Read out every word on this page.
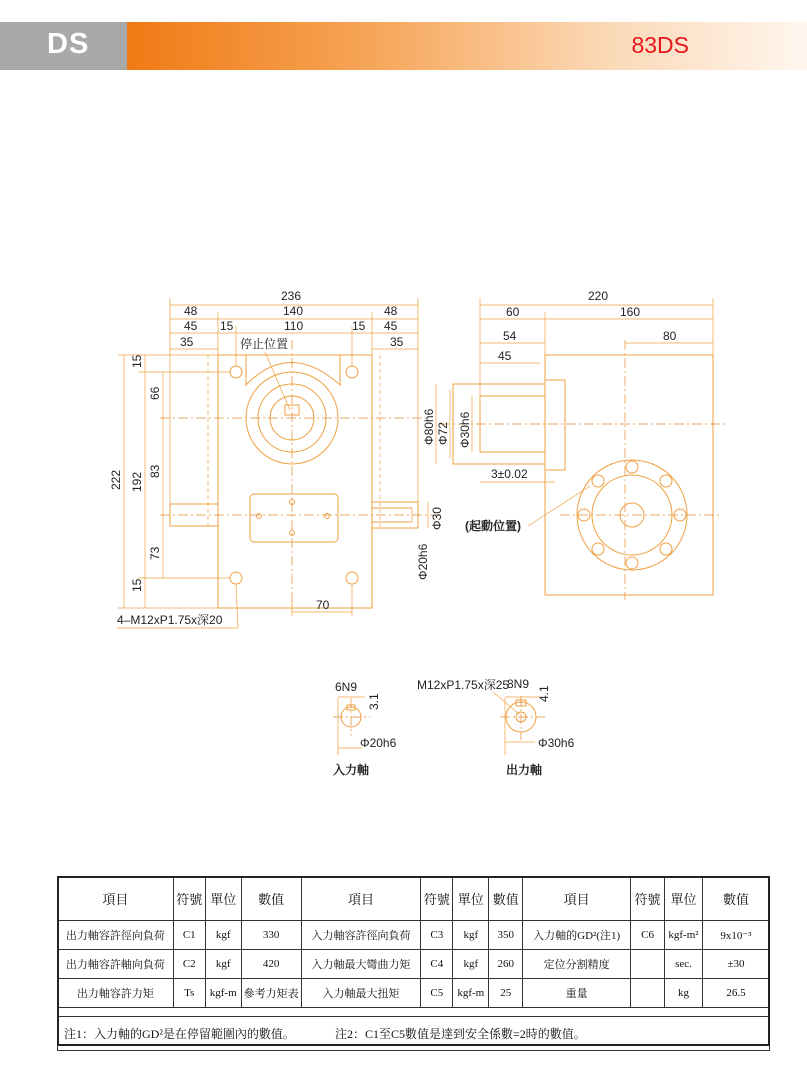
DS	83DS
236
48	140	48
45 15	110	15 45
35	35
停止位置
222 192
15
66
83
73
15
Φ30
Φ20h6
70
4–M12xP1.75x深20
220
60	160
54	80
45
Φ80h6 Φ72 Φ30h6
3±0.02
(起動位置)
6N9
3.1
Φ20h6
入力軸
M12xP1.75x深25
8N9
4.1
Φ30h6
出力軸
項目	符號	單位	數值	項目	符號	單位	數值	項目	符號	單位	數值
出力軸容許徑向負荷	C1	kgf	330	入力軸容許徑向負荷	C3	kgf	350	入力軸的GD²(注1)	C6	kgf-m²	9x10⁻³
出力軸容許軸向負荷	C2	kgf	420	入力軸最大彎曲力矩	C4	kgf	260	定位分割精度		sec.	±30
出力軸容許力矩	Ts	kgf-m	參考力矩表	入力軸最大扭矩	C5	kgf-m	25	重量		kg	26.5

注1：入力軸的GD²是在停留範圍內的數值。 注2：C1至C5數值是達到安全係數=2時的數值。											
